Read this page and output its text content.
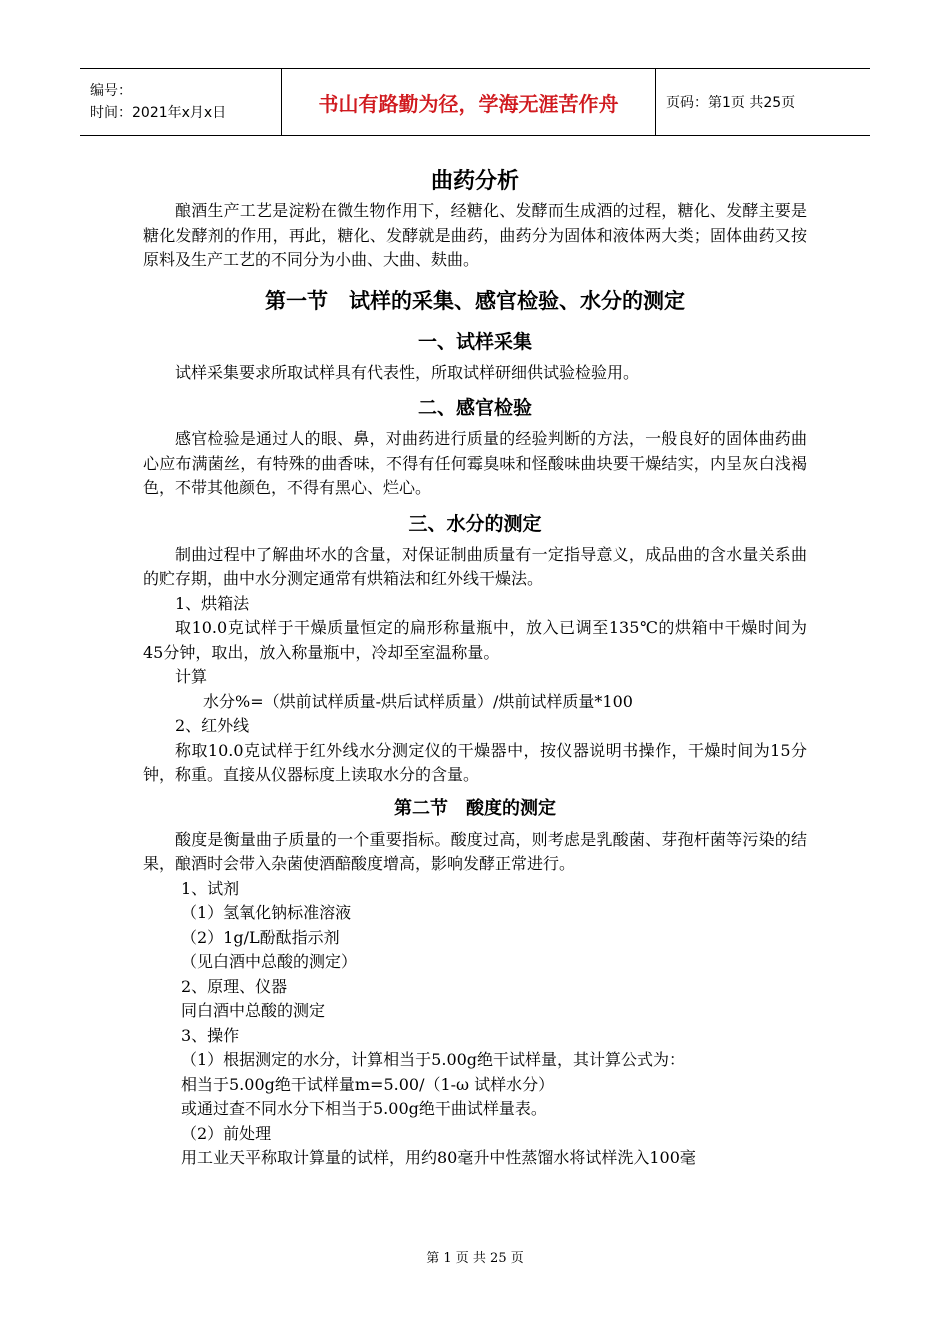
编号：
时间：2021年x月x日	书山有路勤为径，学海无涯苦作舟	页码：第1页 共25页
曲药分析

酿酒生产工艺是淀粉在微生物作用下，经糖化、发酵而生成酒的过程，糖化、发酵主要是糖化发酵剂的作用，再此，糖化、发酵就是曲药，曲药分为固体和液体两大类；固体曲药又按原料及生产工艺的不同分为小曲、大曲、麸曲。

第一节　试样的采集、感官检验、水分的测定
一、试样采集

试样采集要求所取试样具有代表性，所取试样研细供试验检验用。

二、感官检验

感官检验是通过人的眼、鼻，对曲药进行质量的经验判断的方法，一般良好的固体曲药曲心应布满菌丝，有特殊的曲香味，不得有任何霉臭味和怪酸味曲块要干燥结实，内呈灰白浅褐色，不带其他颜色，不得有黑心、烂心。

三、水分的测定

制曲过程中了解曲坏水的含量，对保证制曲质量有一定指导意义，成品曲的含水量关系曲的贮存期，曲中水分测定通常有烘箱法和红外线干燥法。

1、烘箱法

取10.0克试样于干燥质量恒定的扁形称量瓶中，放入已调至135℃的烘箱中干燥时间为45分钟，取出，放入称量瓶中，冷却至室温称量。

计算

水分%=（烘前试样质量-烘后试样质量）/烘前试样质量*100

2、红外线

称取10.0克试样于红外线水分测定仪的干燥器中，按仪器说明书操作，干燥时间为15分钟，称重。直接从仪器标度上读取水分的含量。

第二节　酸度的测定

酸度是衡量曲子质量的一个重要指标。酸度过高，则考虑是乳酸菌、芽孢杆菌等污染的结果，酿酒时会带入杂菌使酒醅酸度增高，影响发酵正常进行。

1、试剂

（1）氢氧化钠标准溶液

（2）1g/L酚酞指示剂

（见白酒中总酸的测定）

2、原理、仪器

同白酒中总酸的测定

3、操作

（1）根据测定的水分，计算相当于5.00g绝干试样量，其计算公式为：

相当于5.00g绝干试样量m=5.00/（1-ω 试样水分）

或通过查不同水分下相当于5.00g绝干曲试样量表。

（2）前处理

用工业天平称取计算量的试样，用约80毫升中性蒸馏水将试样洗入100毫

第 1 页 共 25 页
